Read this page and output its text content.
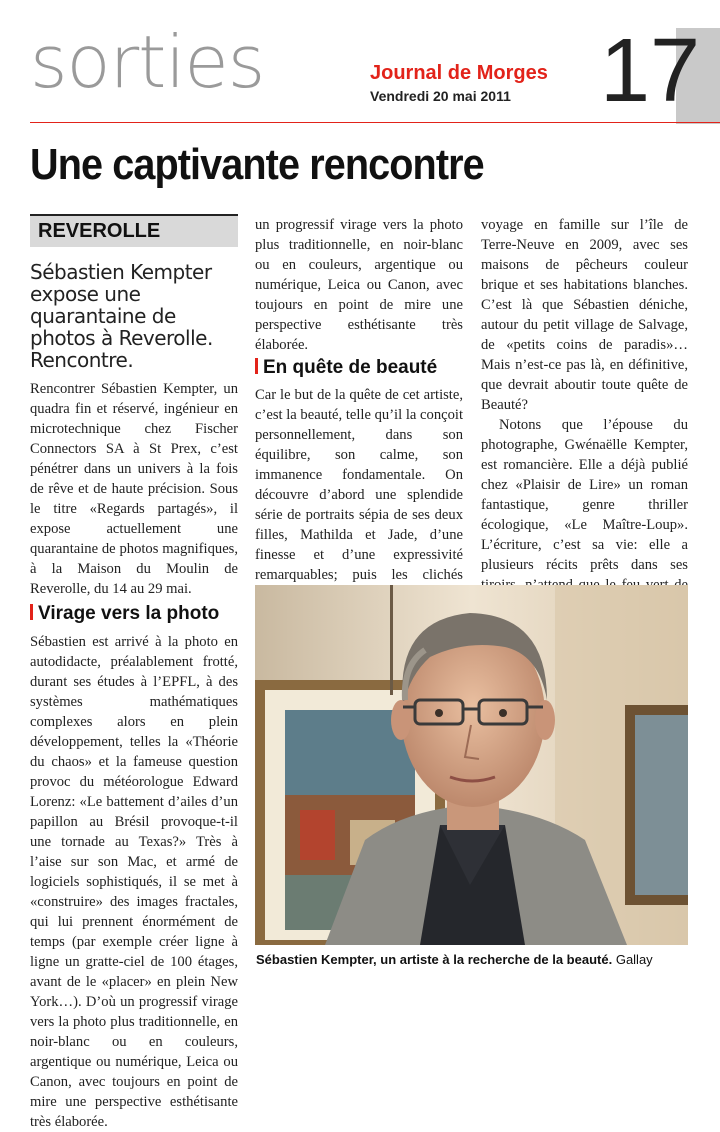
sorties	Journal de Morges
Vendredi 20 mai 2011 17
Une captivante rencontre
REVEROLLE
Sébastien Kempter expose une quarantaine de photos à Reverolle. Rencontre.

Rencontrer Sébastien Kempter, un quadra fin et réservé, ingénieur en microtechnique chez Fischer Connectors SA à St Prex, c’est pénétrer dans un univers à la fois de rêve et de haute précision. Sous le titre «Regards partagés», il expose actuellement une quarantaine de photos magnifiques, à la Maison du Moulin de Reverolle, du 14 au 29 mai.

Virage vers la photo

Sébastien est arrivé à la photo en autodidacte, préalablement frotté, durant ses études à l’EPFL, à des systèmes mathématiques complexes alors en plein développement, telles la «Théorie du chaos» et la fameuse question provoc du météorologue Edward Lorenz: «Le battement d’ailes d’un papillon au Brésil provoque-t-il une tornade au Texas?» Très à l’aise sur son Mac, et armé de logiciels sophistiqués, il se met à «construire» des images fractales, qui lui prennent énormément de temps (par exemple créer ligne à ligne un gratte-ciel de 100 étages, avant de le «placer» en plein New York…). D’où un progressif virage vers la photo plus traditionnelle, en noir-blanc ou en couleurs, argentique ou numérique, Leica ou Canon, avec toujours en point de mire une perspective esthétisante très élaborée.

un progressif virage vers la photo plus traditionnelle, en noir-blanc ou en couleurs, argentique ou numérique, Leica ou Canon, avec toujours en point de mire une perspective esthétisante très élaborée.

En quête de beauté

Car le but de la quête de cet artiste, c’est la beauté, telle qu’il la conçoit personnellement, dans son équilibre, son calme, son immanence fondamentale. On découvre d’abord une splendide série de portraits sépia de ses deux filles, Mathilda et Jade, d’une finesse et d’une expressivité remarquables; puis les clichés

voyage en famille sur l’île de Terre-Neuve en 2009, avec ses maisons de pêcheurs couleur brique et ses habitations blanches. C’est là que Sébastien déniche, autour du petit village de Salvage, de «petits coins de paradis»… Mais n’est-ce pas là, en définitive, que devrait aboutir toute quête de Beauté?

Notons que l’épouse du photographe, Gwénaëlle Kempter, est romancière. Elle a déjà publié chez «Plaisir de Lire» un roman fantastique, genre thriller écologique, «Le Maître-Loup». L’écriture, c’est sa vie: elle a plusieurs récits prêts dans ses

Sébastien Kempter, un artiste à la recherche de la beauté. Gallay
